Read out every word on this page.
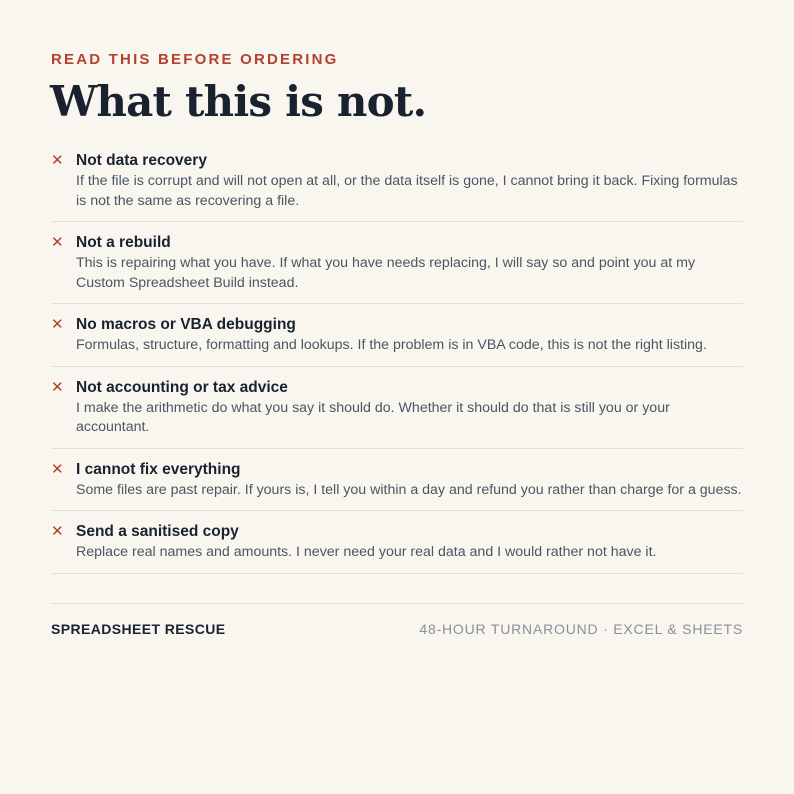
READ THIS BEFORE ORDERING
What this is not.
✕ Not data recovery
If the file is corrupt and will not open at all, or the data itself is gone, I cannot bring it back. Fixing formulas is not the same as recovering a file.
✕ Not a rebuild
This is repairing what you have. If what you have needs replacing, I will say so and point you at my Custom Spreadsheet Build instead.
✕ No macros or VBA debugging
Formulas, structure, formatting and lookups. If the problem is in VBA code, this is not the right listing.
✕ Not accounting or tax advice
I make the arithmetic do what you say it should do. Whether it should do that is still you or your accountant.
✕ I cannot fix everything
Some files are past repair. If yours is, I tell you within a day and refund you rather than charge for a guess.
✕ Send a sanitised copy
Replace real names and amounts. I never need your real data and I would rather not have it.
SPREADSHEET RESCUE	48-HOUR TURNAROUND · EXCEL & SHEETS
